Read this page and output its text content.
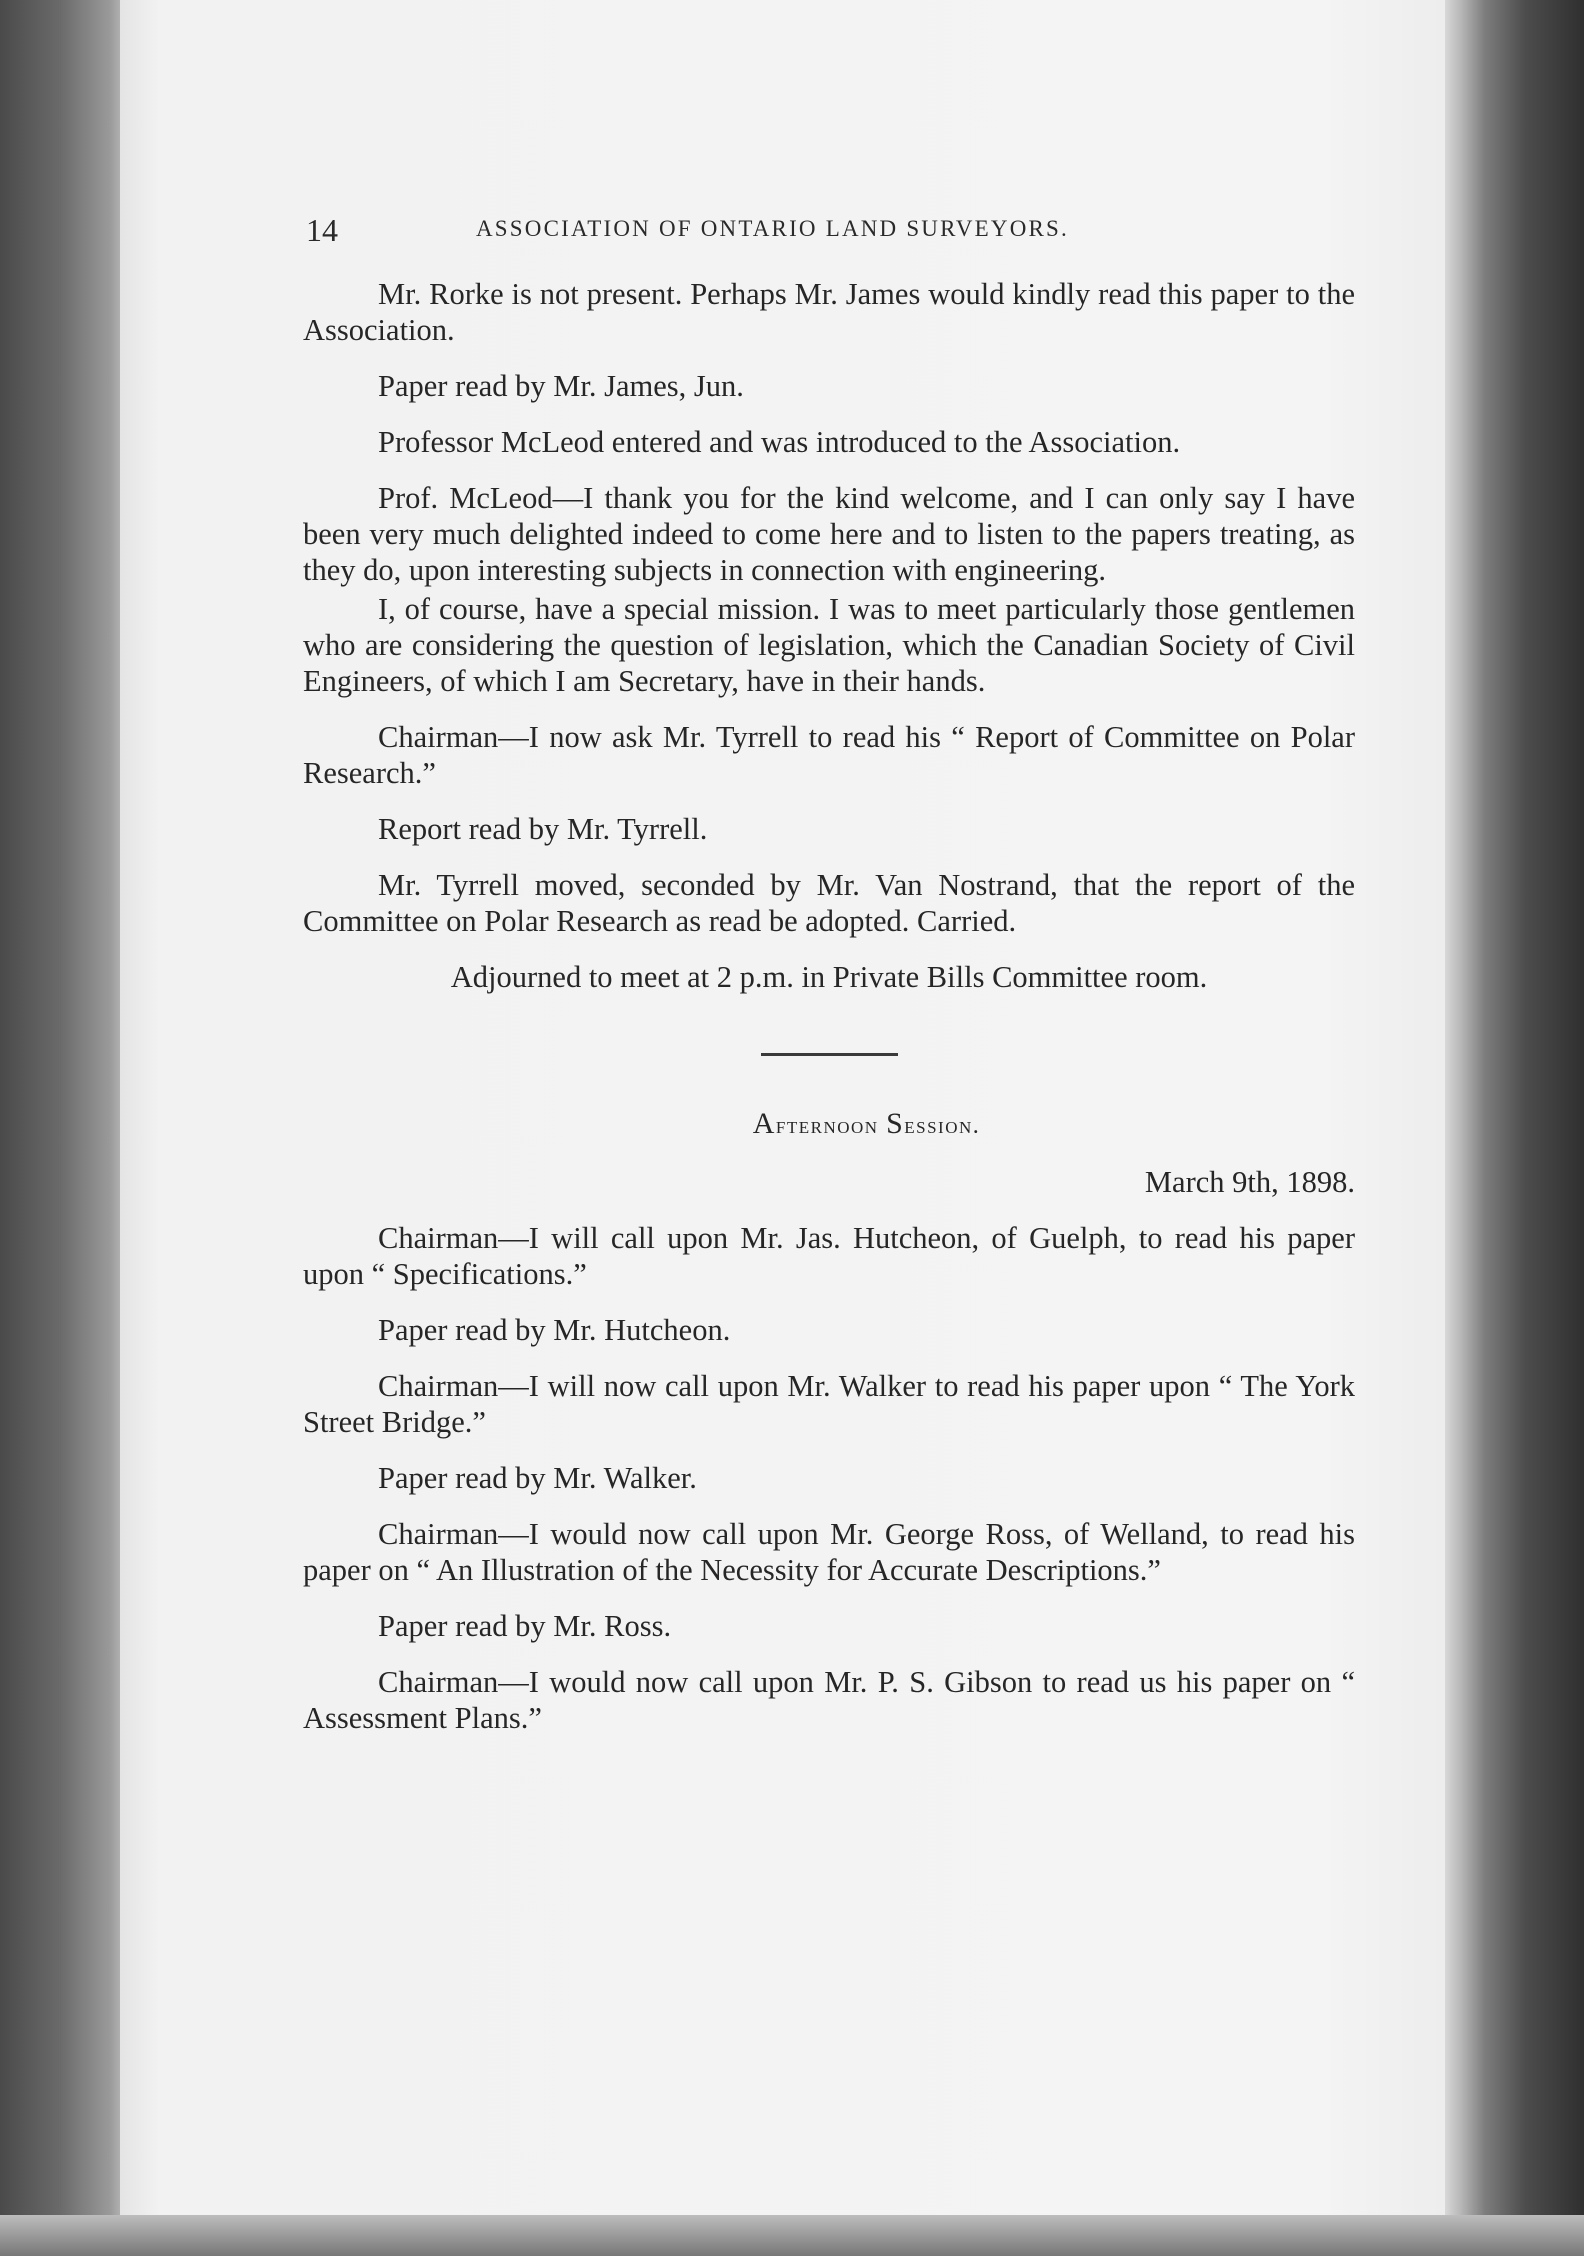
14	ASSOCIATION OF ONTARIO LAND SURVEYORS.

Mr. Rorke is not present. Perhaps Mr. James would kindly read this paper to the Association.

Paper read by Mr. James, Jun.

Professor McLeod entered and was introduced to the Association.

Prof. McLeod—I thank you for the kind welcome, and I can only say I have been very much delighted indeed to come here and to listen to the papers treating, as they do, upon interesting subjects in connection with engineering.

I, of course, have a special mission. I was to meet particularly those gentlemen who are considering the question of legislation, which the Canadian Society of Civil Engineers, of which I am Secretary, have in their hands.

Chairman—I now ask Mr. Tyrrell to read his “ Report of Committee on Polar Research.”

Report read by Mr. Tyrrell.

Mr. Tyrrell moved, seconded by Mr. Van Nostrand, that the report of the Committee on Polar Research as read be adopted. Carried.

Adjourned to meet at 2 p.m. in Private Bills Committee room.

Afternoon Session.

March 9th, 1898.

Chairman—I will call upon Mr. Jas. Hutcheon, of Guelph, to read his paper upon “ Specifications.”

Paper read by Mr. Hutcheon.

Chairman—I will now call upon Mr. Walker to read his paper upon “ The York Street Bridge.”

Paper read by Mr. Walker.

Chairman—I would now call upon Mr. George Ross, of Welland, to read his paper on “ An Illustration of the Necessity for Accurate Descriptions.”

Paper read by Mr. Ross.

Chairman—I would now call upon Mr. P. S. Gibson to read us his paper on “ Assessment Plans.”
